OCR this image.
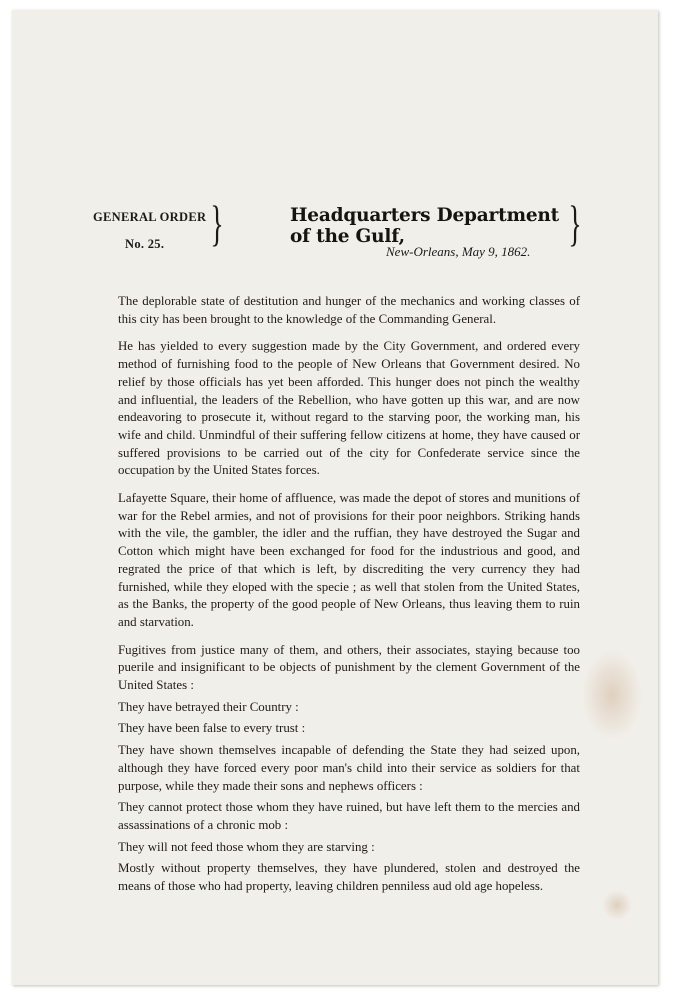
GENERAL ORDER
No. 25. }	Headquarters Department of the Gulf,
New-Orleans, May 9, 1862.
}

The deplorable state of destitution and hunger of the mechanics and working classes of this city has been brought to the knowledge of the Commanding General.

He has yielded to every suggestion made by the City Government, and ordered every method of furnishing food to the people of New Orleans that Government desired. No relief by those officials has yet been afforded. This hunger does not pinch the wealthy and influential, the leaders of the Rebellion, who have gotten up this war, and are now endeavoring to prosecute it, without regard to the starving poor, the working man, his wife and child. Unmindful of their suffering fellow citizens at home, they have caused or suffered provisions to be carried out of the city for Confederate service since the occupation by the United States forces.

Lafayette Square, their home of affluence, was made the depot of stores and munitions of war for the Rebel armies, and not of provisions for their poor neighbors. Striking hands with the vile, the gambler, the idler and the ruffian, they have destroyed the Sugar and Cotton which might have been exchanged for food for the industrious and good, and regrated the price of that which is left, by discrediting the very currency they had furnished, while they eloped with the specie ; as well that stolen from the United States, as the Banks, the property of the good people of New Orleans, thus leaving them to ruin and starvation.

Fugitives from justice many of them, and others, their associates, staying because too puerile and insignificant to be objects of punishment by the clement Government of the United States :

They have betrayed their Country :

They have been false to every trust :

They have shown themselves incapable of defending the State they had seized upon, although they have forced every poor man's child into their service as soldiers for that purpose, while they made their sons and nephews officers :

They cannot protect those whom they have ruined, but have left them to the mercies and assassinations of a chronic mob :

They will not feed those whom they are starving :

Mostly without property themselves, they have plundered, stolen and destroyed the means of those who had property, leaving children penniless aud old age hopeless.
